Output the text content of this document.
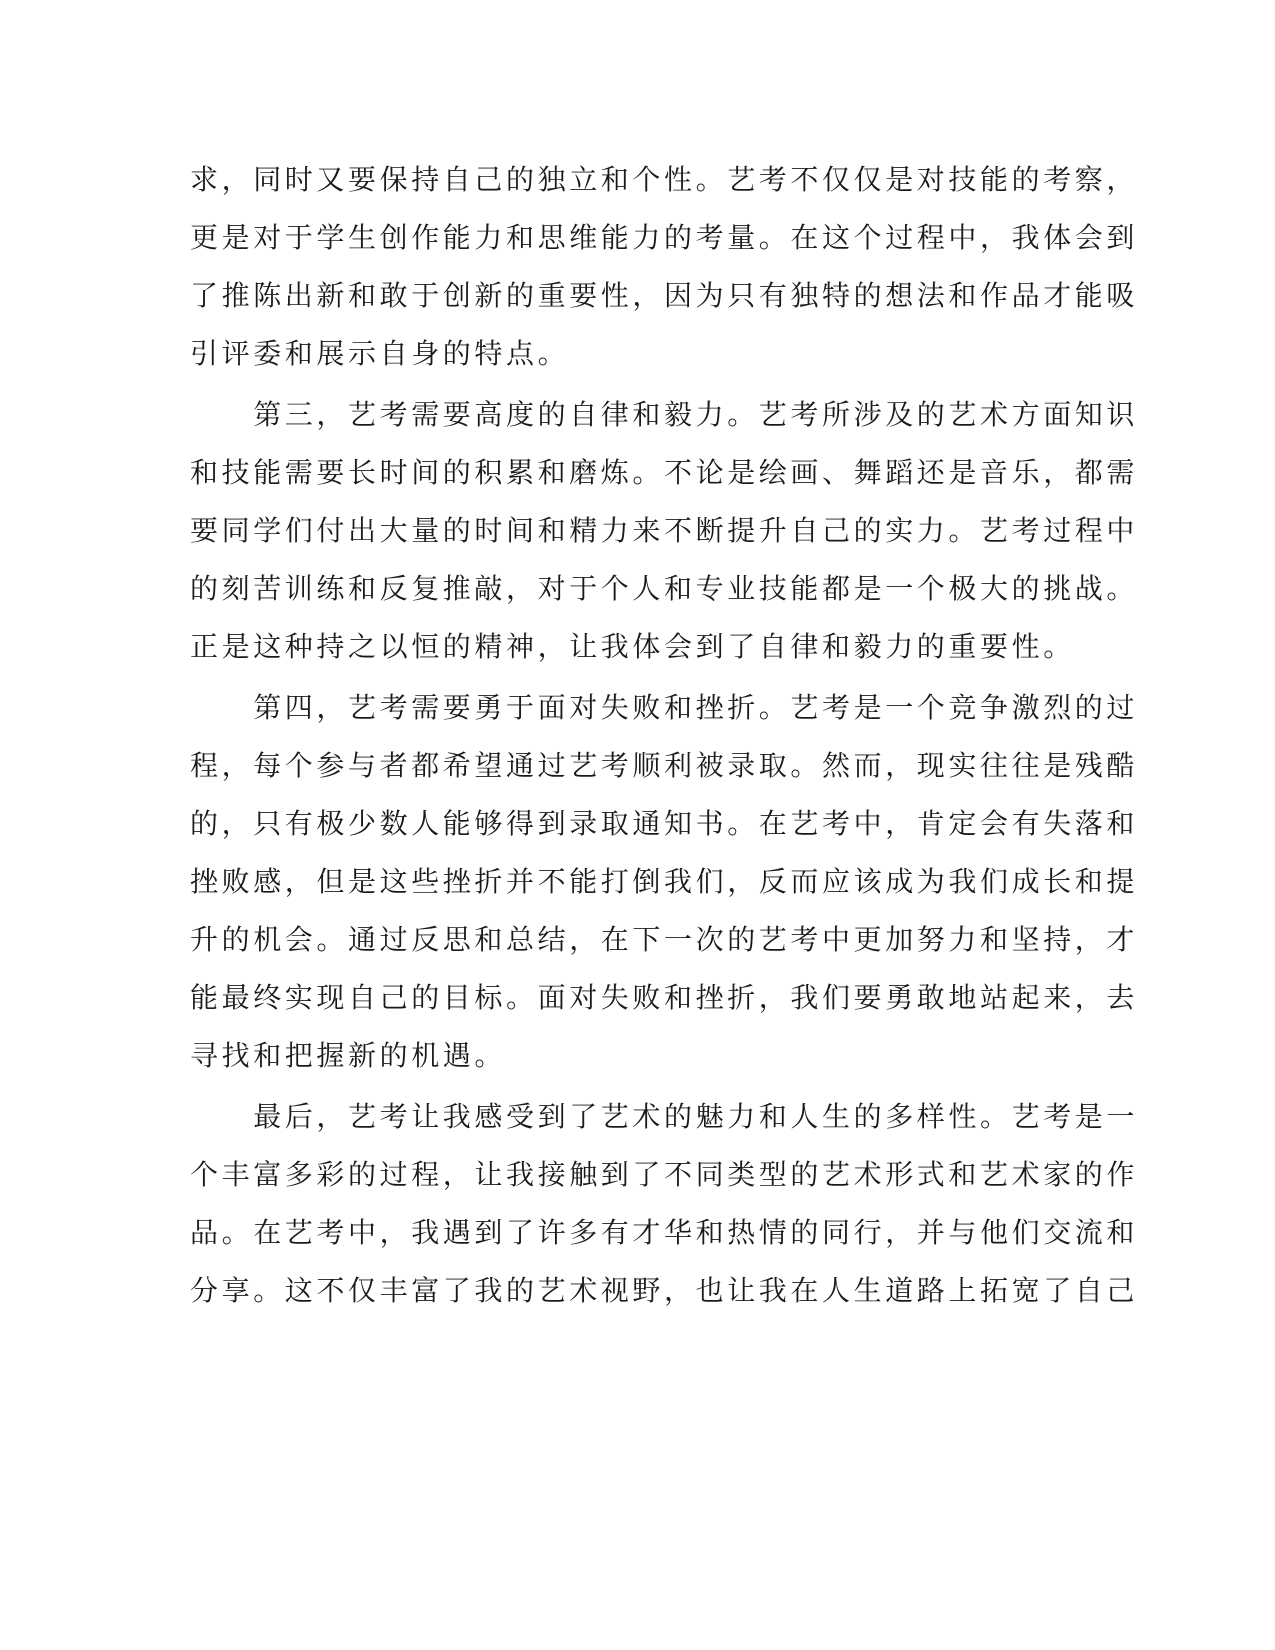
求，同时又要保持自己的独立和个性。艺考不仅仅是对技能的考察，
更是对于学生创作能力和思维能力的考量。在这个过程中，我体会到
了推陈出新和敢于创新的重要性，因为只有独特的想法和作品才能吸
引评委和展示自身的特点。
　　第三，艺考需要高度的自律和毅力。艺考所涉及的艺术方面知识
和技能需要长时间的积累和磨炼。不论是绘画、舞蹈还是音乐，都需
要同学们付出大量的时间和精力来不断提升自己的实力。艺考过程中
的刻苦训练和反复推敲，对于个人和专业技能都是一个极大的挑战。
正是这种持之以恒的精神，让我体会到了自律和毅力的重要性。
　　第四，艺考需要勇于面对失败和挫折。艺考是一个竞争激烈的过
程，每个参与者都希望通过艺考顺利被录取。然而，现实往往是残酷
的，只有极少数人能够得到录取通知书。在艺考中，肯定会有失落和
挫败感，但是这些挫折并不能打倒我们，反而应该成为我们成长和提
升的机会。通过反思和总结，在下一次的艺考中更加努力和坚持，才
能最终实现自己的目标。面对失败和挫折，我们要勇敢地站起来，去
寻找和把握新的机遇。
　　最后，艺考让我感受到了艺术的魅力和人生的多样性。艺考是一
个丰富多彩的过程，让我接触到了不同类型的艺术形式和艺术家的作
品。在艺考中，我遇到了许多有才华和热情的同行，并与他们交流和
分享。这不仅丰富了我的艺术视野，也让我在人生道路上拓宽了自己
